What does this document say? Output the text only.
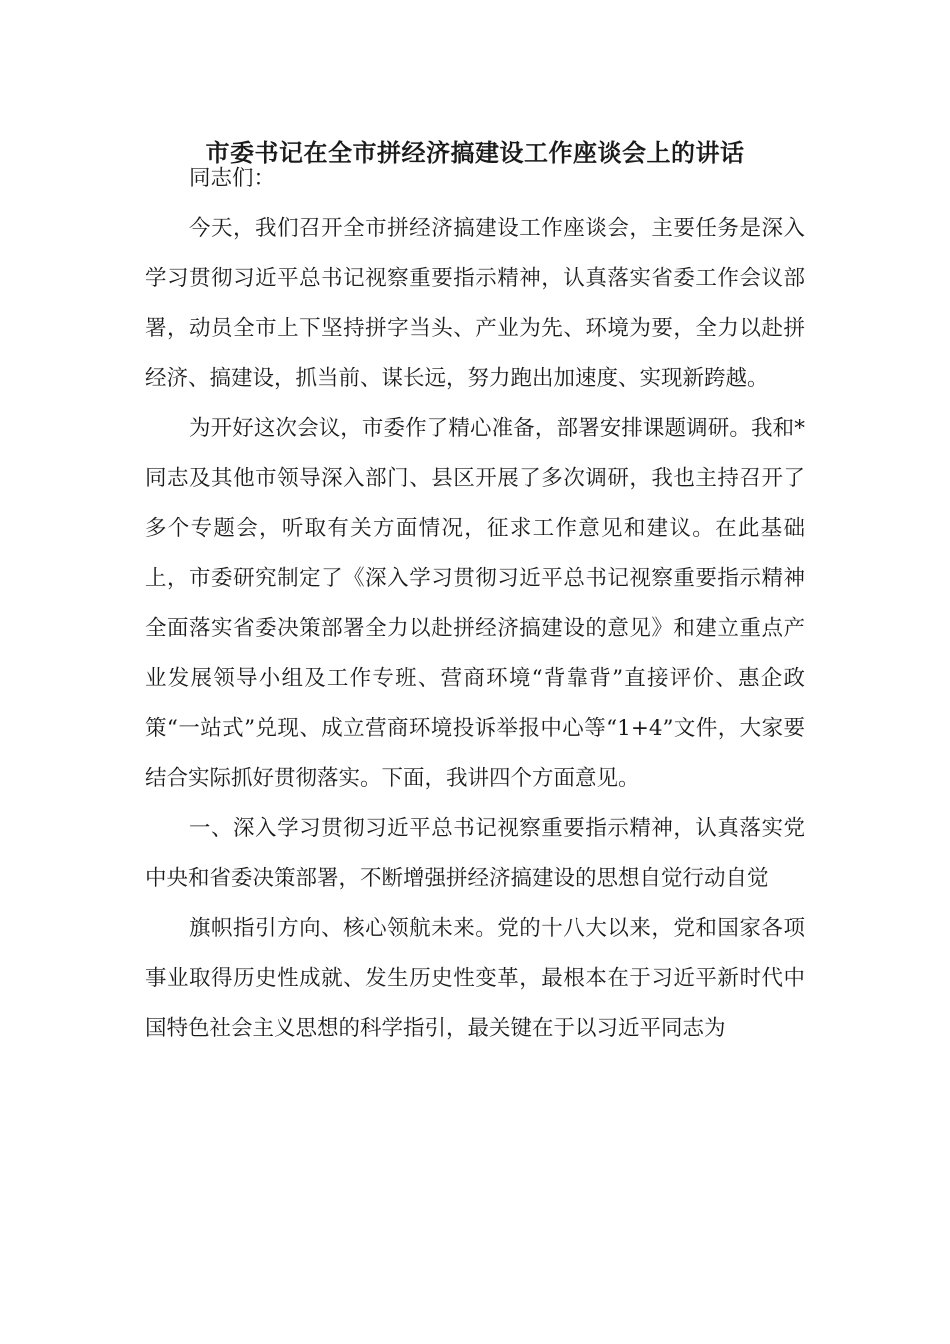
市委书记在全市拼经济搞建设工作座谈会上的讲话

同志们：

今天，我们召开全市拼经济搞建设工作座谈会，主要任务是深入学习贯彻习近平总书记视察重要指示精神，认真落实省委工作会议部署，动员全市上下坚持拼字当头、产业为先、环境为要，全力以赴拼经济、搞建设，抓当前、谋长远，努力跑出加速度、实现新跨越。

为开好这次会议，市委作了精心准备，部署安排课题调研。我和*同志及其他市领导深入部门、县区开展了多次调研，我也主持召开了多个专题会，听取有关方面情况，征求工作意见和建议。在此基础上，市委研究制定了《深入学习贯彻习近平总书记视察重要指示精神全面落实省委决策部署全力以赴拼经济搞建设的意见》和建立重点产业发展领导小组及工作专班、营商环境“背靠背”直接评价、惠企政策“一站式”兑现、成立营商环境投诉举报中心等“1+4”文件，大家要结合实际抓好贯彻落实。下面，我讲四个方面意见。

一、深入学习贯彻习近平总书记视察重要指示精神，认真落实党中央和省委决策部署，不断增强拼经济搞建设的思想自觉行动自觉

旗帜指引方向、核心领航未来。党的十八大以来，党和国家各项事业取得历史性成就、发生历史性变革，最根本在于习近平新时代中国特色社会主义思想的科学指引，最关键在于以习近平同志为
